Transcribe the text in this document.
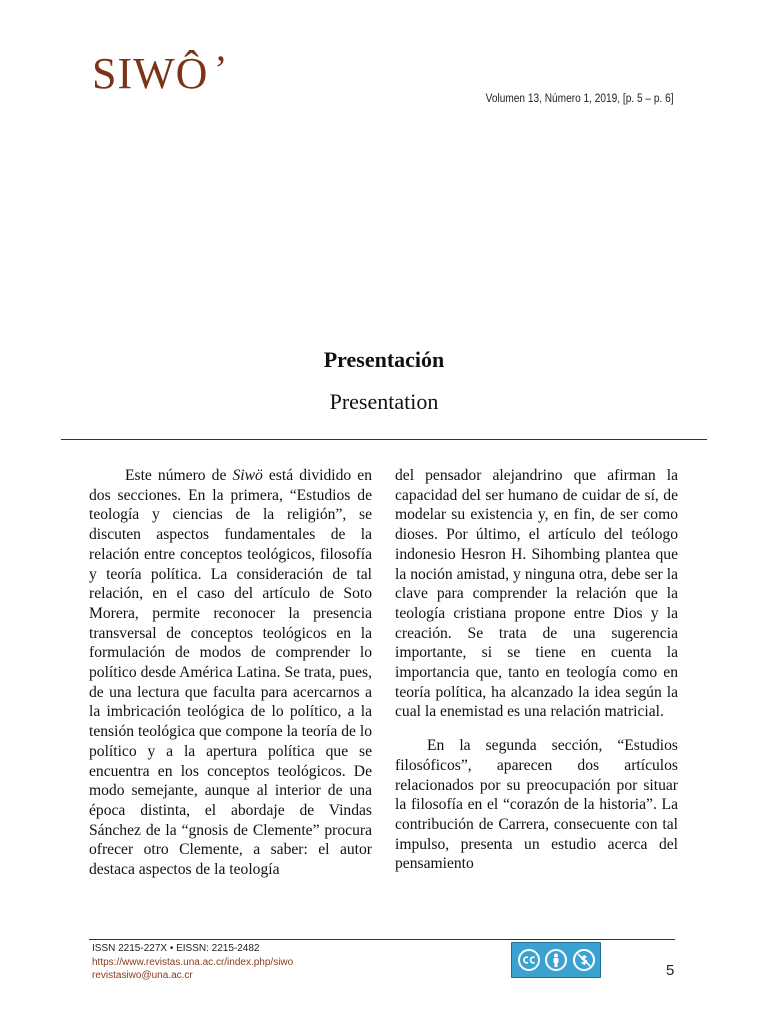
SIWÔ ’
Volumen 13, Número 1, 2019, [p. 5 – p. 6]
Presentación
Presentation

Este número de Siwö está dividido en dos secciones. En la primera, “Estudios de teología y ciencias de la religión”, se discuten aspectos fundamentales de la relación entre conceptos teológicos, filosofía y teoría política. La consideración de tal relación, en el caso del artículo de Soto Morera, permite reconocer la presencia transversal de conceptos teológicos en la formulación de modos de comprender lo político desde América Latina. Se trata, pues, de una lectura que faculta para acercarnos a la imbricación teológica de lo político, a la tensión teológica que compone la teoría de lo político y a la apertura política que se encuentra en los conceptos teológicos. De modo semejante, aunque al interior de una época distinta, el abordaje de Vindas Sánchez de la “gnosis de Clemente” procura ofrecer otro Clemente, a saber: el autor destaca aspectos de la teología

del pensador alejandrino que afirman la capacidad del ser humano de cuidar de sí, de modelar su existencia y, en fin, de ser como dioses. Por último, el artículo del teólogo indonesio Hesron H. Sihombing plantea que la noción amistad, y ninguna otra, debe ser la clave para comprender la relación que la teología cristiana propone entre Dios y la creación. Se trata de una sugerencia importante, si se tiene en cuenta la importancia que, tanto en teología como en teoría política, ha alcanzado la idea según la cual la enemistad es una relación matricial.

En la segunda sección, “Estudios filosóficos”, aparecen dos artículos relacionados por su preocupación por situar la filosofía en el “corazón de la historia”. La contribución de Carrera, consecuente con tal impulso, presenta un estudio acerca del pensamiento

ISSN 2215-227X • EISSN: 2215-2482
https://www.revistas.una.ac.cr/index.php/siwo
revistasiwo@una.ac.cr	5
